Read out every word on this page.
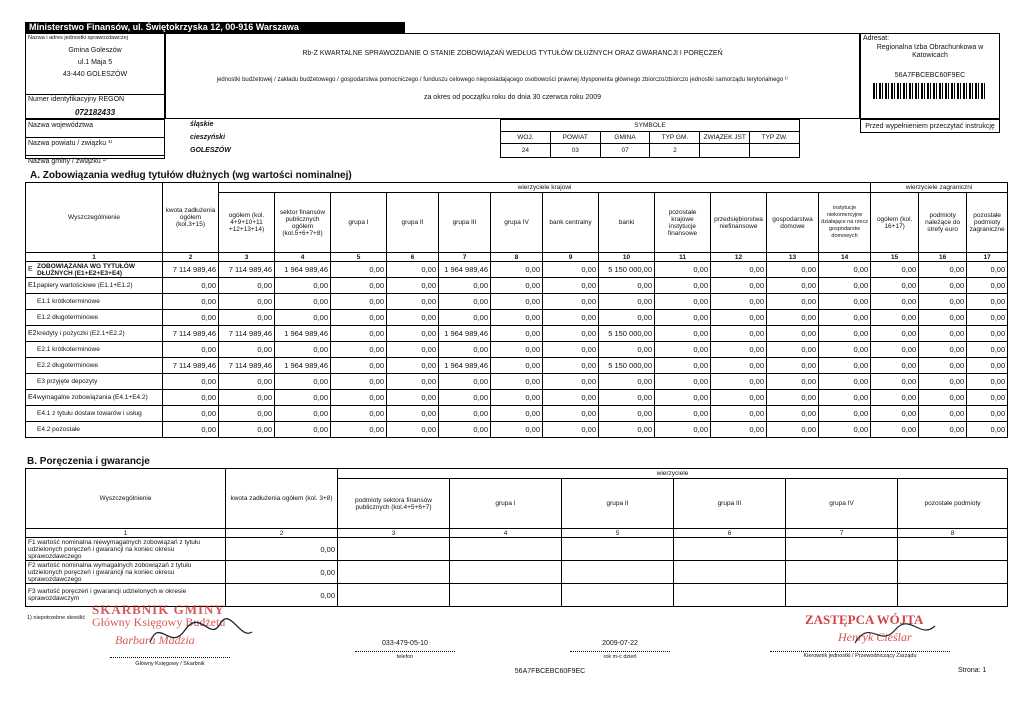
Ministerstwo Finansów, ul. Świętokrzyska 12, 00-916 Warszawa
Nazwa i adres jednostki sprawozdawczej
Gmina Goleszów
ul.1 Maja 5
43-440 GOLESZÓW
Numer identyfikacyjny REGON
072182433
Rb-Z KWARTALNE SPRAWOZDANIE O STANIE ZOBOWIĄZAŃ WEDŁUG TYTUŁÓW DŁUŻNYCH ORAZ GWARANCJI I PORĘCZEŃ
jednostki budżetowej / zakładu budżetowego / gospodarstwa pomocniczego / funduszu celowego nieposiadającego osobowości prawnej /dysponenta głównego zbiorczo/zbiorczo jednostki samorządu terytorialnego ¹⁾
za okres od początku roku do dnia 30 czerwca roku 2009
Adresat:
Regionalna Izba Obrachunkowa w Katowicach
56A7FBCEBC60F9EC
Nazwa województwa
Nazwa powiatu / związku ¹⁾
Nazwa gminy / związku ¹⁾
śląskie
cieszyński
GOLESZÓW
SYMBOLE					
WOJ.	POWIAT	GMINA	TYP GM.	ZWIĄZEK JST	TYP ZW.
24	03	07	2		
Przed wypełnieniem przeczytać instrukcję
A. Zobowiązania według tytułów dłużnych (wg wartości nominalnej)
Wyszczególnienie	kwota zadłużenia ogółem (kol.3+15)	wierzyciele krajowi												wierzyciele zagraniczni		
		ogółem (kol. 4+9+10+11 +12+13+14)	sektor finansów publicznych ogółem (kol.5+6+7+8)	grupa I	grupa II	grupa III	grupa IV	bank centralny	banki	pozostałe krajowe instytucje finansowe	przedsiębiorstwa niefinansowe	gospodarstwa domowe	instytucje niekomercyjne działające na rzecz gospodarstw domowych	ogółem (kol. 16+17)	podmioty należące do strefy euro	pozostałe podmioty zagraniczne
1	2	3	4	5	6	7	8	9	10	11	12	13	14	15	16	17
E ZOBOWIĄZANIA WG TYTUŁÓW DŁUŻNYCH (E1+E2+E3+E4)	7 114 989,46	7 114 989,46	1 964 989,46	0,00	0,00	1 964 989,46	0,00	0,00	5 150 000,00	0,00	0,00	0,00	0,00	0,00	0,00	0,00
E1papiery wartościowe (E1.1+E1.2)	0,00	0,00	0,00	0,00	0,00	0,00	0,00	0,00	0,00	0,00	0,00	0,00	0,00	0,00	0,00	0,00
E1.1 krótkoterminowe	0,00	0,00	0,00	0,00	0,00	0,00	0,00	0,00	0,00	0,00	0,00	0,00	0,00	0,00	0,00	0,00
E1.2 długoterminowe	0,00	0,00	0,00	0,00	0,00	0,00	0,00	0,00	0,00	0,00	0,00	0,00	0,00	0,00	0,00	0,00
E2kredyty i pożyczki (E2.1+E2.2)	7 114 989,46	7 114 989,46	1 964 989,46	0,00	0,00	1 964 989,46	0,00	0,00	5 150 000,00	0,00	0,00	0,00	0,00	0,00	0,00	0,00
E2.1 krótkoterminowe	0,00	0,00	0,00	0,00	0,00	0,00	0,00	0,00	0,00	0,00	0,00	0,00	0,00	0,00	0,00	0,00
E2.2 długoterminowe	7 114 989,46	7 114 989,46	1 964 989,46	0,00	0,00	1 964 989,46	0,00	0,00	5 150 000,00	0,00	0,00	0,00	0,00	0,00	0,00	0,00
E3 przyjęte depozyty	0,00	0,00	0,00	0,00	0,00	0,00	0,00	0,00	0,00	0,00	0,00	0,00	0,00	0,00	0,00	0,00
E4wymagalne zobowiązania (E4.1+E4.2)	0,00	0,00	0,00	0,00	0,00	0,00	0,00	0,00	0,00	0,00	0,00	0,00	0,00	0,00	0,00	0,00
E4.1 z tytułu dostaw towarów i usług	0,00	0,00	0,00	0,00	0,00	0,00	0,00	0,00	0,00	0,00	0,00	0,00	0,00	0,00	0,00	0,00
E4.2 pozostałe	0,00	0,00	0,00	0,00	0,00	0,00	0,00	0,00	0,00	0,00	0,00	0,00	0,00	0,00	0,00	0,00
B. Poręczenia i gwarancje
Wyszczególnienie	kwota zadłużenia ogółem (kol. 3+8)	wierzyciele					
		podmioty sektora finansów publicznych (kol.4+5+6+7)	grupa I	grupa II	grupa III	grupa IV	pozostałe podmioty
1	2	3	4	5	6	7	8
F1 wartość nominalna niewymagalnych zobowiązań z tytułu udzielonych poręczeń i gwarancji na koniec okresu sprawozdawczego	0,00						
F2 wartość nominalna wymagalnych zobowiązań z tytułu udzielonych poręczeń i gwarancji na koniec okresu sprawozdawczego	0,00						
F3 wartość poręczeń i gwarancji udzielonych w okresie sprawozdawczym	0,00						
1) niepotrzebne skreślić
SKARBNIK GMINY
Główny Księgowy Budżetu
Barbara Madzia
Główny Księgowy / Skarbnik
033-479-05-10
telefon
2009-07-22
rok m-c dzień
56A7FBCEBC60F9EC
ZASTĘPCA WÓJTA
Henryk Cieślar
Kierownik jednostki / Przewodniczący Zarządu
Strona: 1
